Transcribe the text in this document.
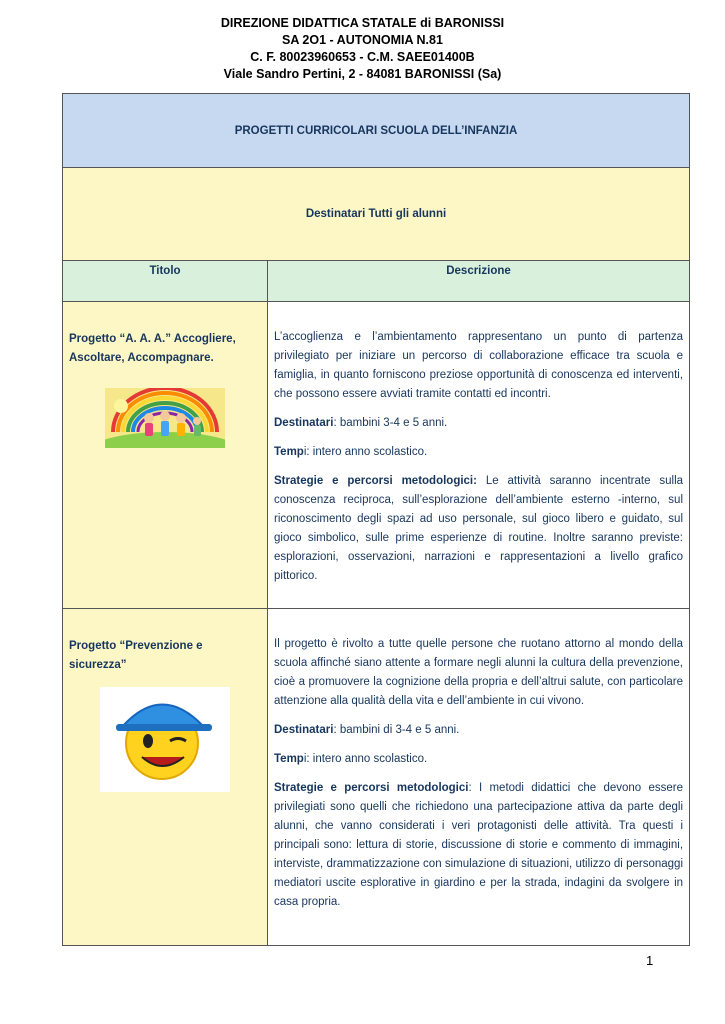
DIREZIONE DIDATTICA STATALE di BARONISSI
SA 2O1 - AUTONOMIA N.81
C. F. 80023960653 - C.M. SAEE01400B
Viale Sandro Pertini, 2 - 84081 BARONISSI (Sa)
PROGETTI CURRICOLARI SCUOLA DELL’INFANZIA	
Destinatari Tutti gli alunni	
Titolo	Descrizione

Progetto “A. A. A.” Accogliere, Ascoltare, Accompagnare.	L’accoglienza e l’ambientamento rappresentano un punto di partenza privilegiato per iniziare un percorso di collaborazione efficace tra scuola e famiglia, in quanto forniscono preziose opportunità di conoscenza ed interventi, che possono essere avviati tramite contatti ed incontri.

Destinatari: bambini 3-4 e 5 anni.

Tempi: intero anno scolastico.

Strategie e percorsi metodologici: Le attività saranno incentrate sulla conoscenza reciproca, sull’esplorazione dell’ambiente esterno -interno, sul riconoscimento degli spazi ad uso personale, sul gioco libero e guidato, sul gioco simbolico, sulle prime esperienze di routine. Inoltre saranno previste: esplorazioni, osservazioni, narrazioni e rappresentazioni a livello grafico pittorico.

Progetto “Prevenzione e sicurezza”	Il progetto è rivolto a tutte quelle persone che ruotano attorno al mondo della scuola affinché siano attente a formare negli alunni la cultura della prevenzione, cioè a promuovere la cognizione della propria e dell’altrui salute, con particolare attenzione alla qualità della vita e dell’ambiente in cui vivono.

Destinatari: bambini di 3-4 e 5 anni.

Tempi: intero anno scolastico.

Strategie e percorsi metodologici: I metodi didattici che devono essere privilegiati sono quelli che richiedono una partecipazione attiva da parte degli alunni, che vanno considerati i veri protagonisti delle attività. Tra questi i principali sono: lettura di storie, discussione di storie e commento di immagini, interviste, drammatizzazione con simulazione di situazioni, utilizzo di personaggi mediatori uscite esplorative in giardino e per la strada, indagini da svolgere in casa propria.

1
